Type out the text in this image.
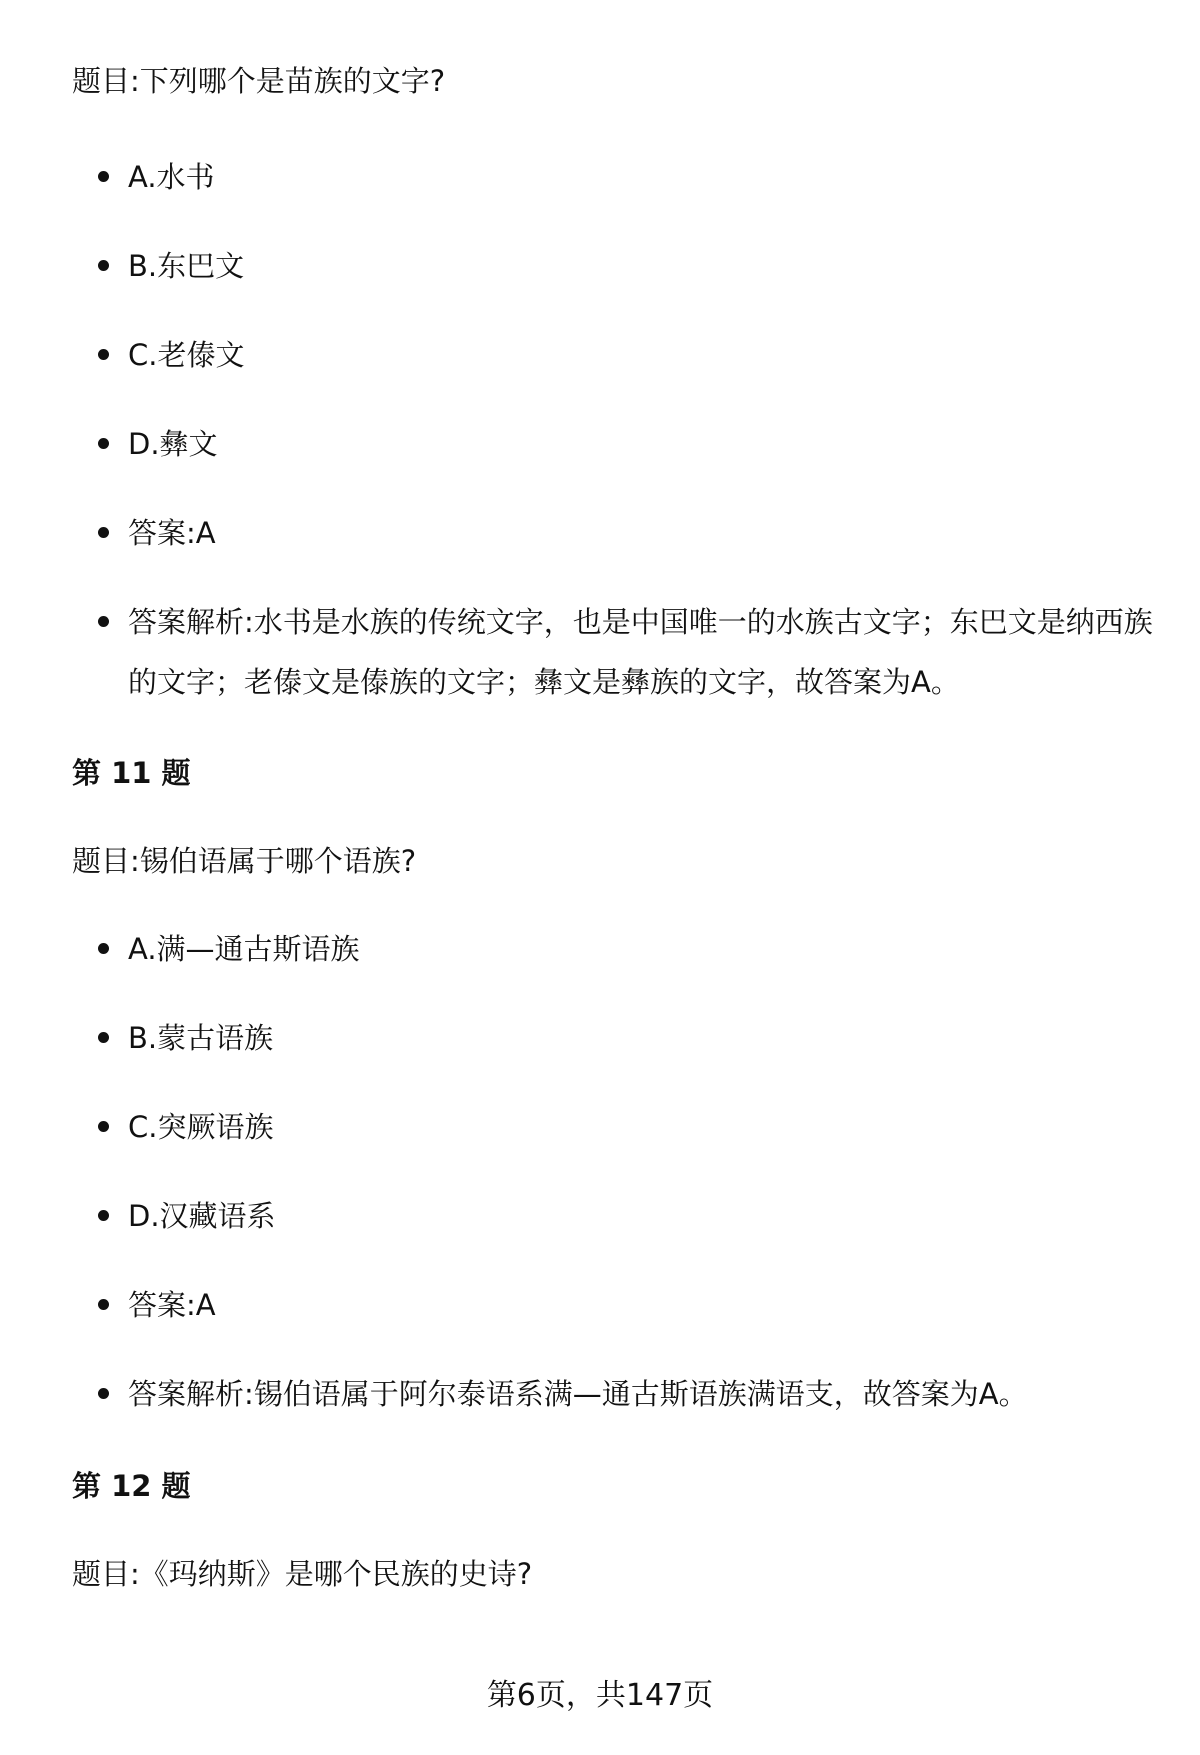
题目:下列哪个是苗族的文字?

A.水书

B.东巴文

C.老傣文

D.彝文

答案:A

答案解析:水书是水族的传统文字，也是中国唯一的水族古文字；东巴文是纳西族的文字；老傣文是傣族的文字；彝文是彝族的文字，故答案为A。

第 11 题

题目:锡伯语属于哪个语族?

A.满—通古斯语族

B.蒙古语族

C.突厥语族

D.汉藏语系

答案:A

答案解析:锡伯语属于阿尔泰语系满—通古斯语族满语支，故答案为A。

第 12 题

题目:《玛纳斯》是哪个民族的史诗?

第6页，共147页
